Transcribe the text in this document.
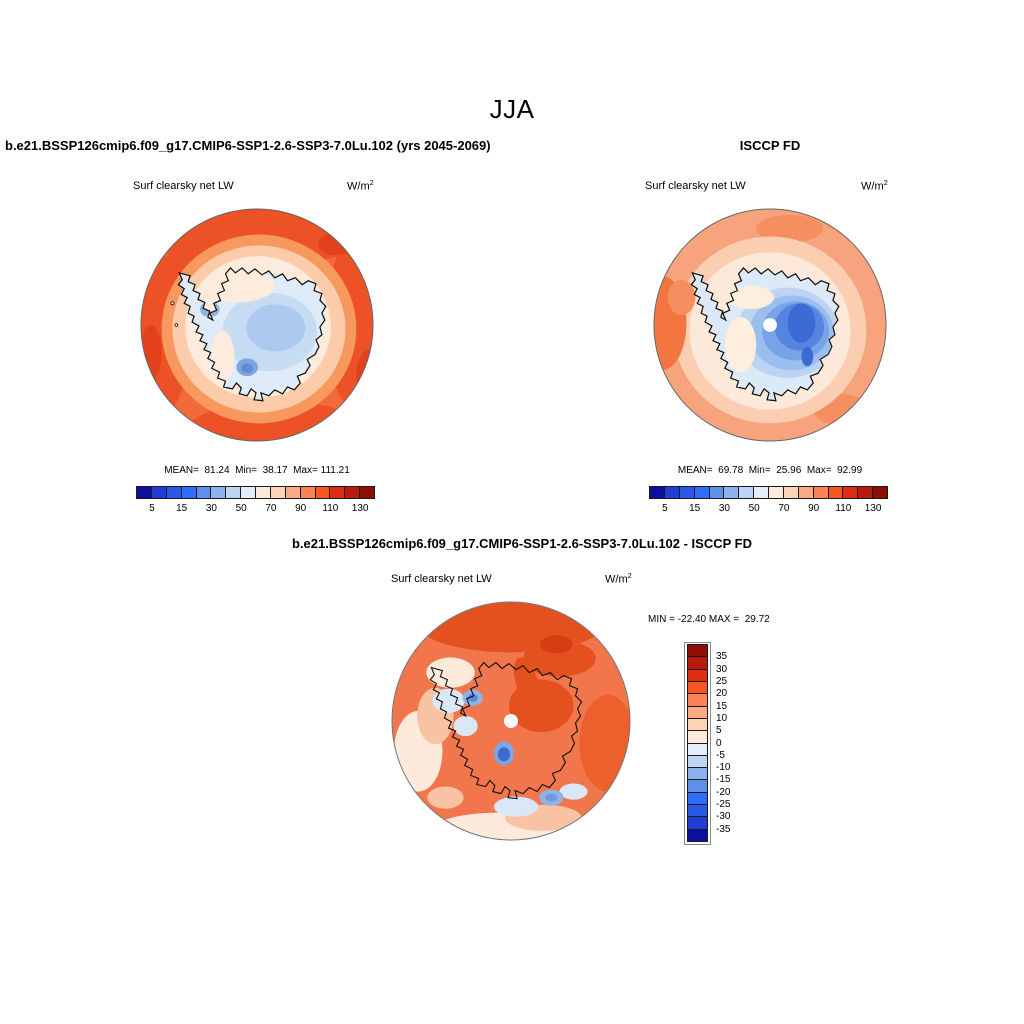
JJA
b.e21.BSSP126cmip6.f09_g17.CMIP6-SSP1-2.6-SSP3-7.0Lu.102 (yrs 2045-2069)	ISCCP FD
b.e21.BSSP126cmip6.f09_g17.CMIP6-SSP1-2.6-SSP3-7.0Lu.102 - ISCCP FD
Surf clearsky net LW	$W/m^2$	Surf clearsky net LW	$W/m^2$
Surf clearsky net LW	$W/m^2$
MEAN=  81.24  Min=  38.17  Max= 111.21	MEAN=  69.78  Min=  25.96  Max=  92.99
MIN = -22.40 MAX =  29.72
5	15	30	50	70	90	110	130	5	15	30	50	70	90	110	130
35
30
25
20
15
10
5
0
-5
-10
-15
-20
-25
-30
-35
